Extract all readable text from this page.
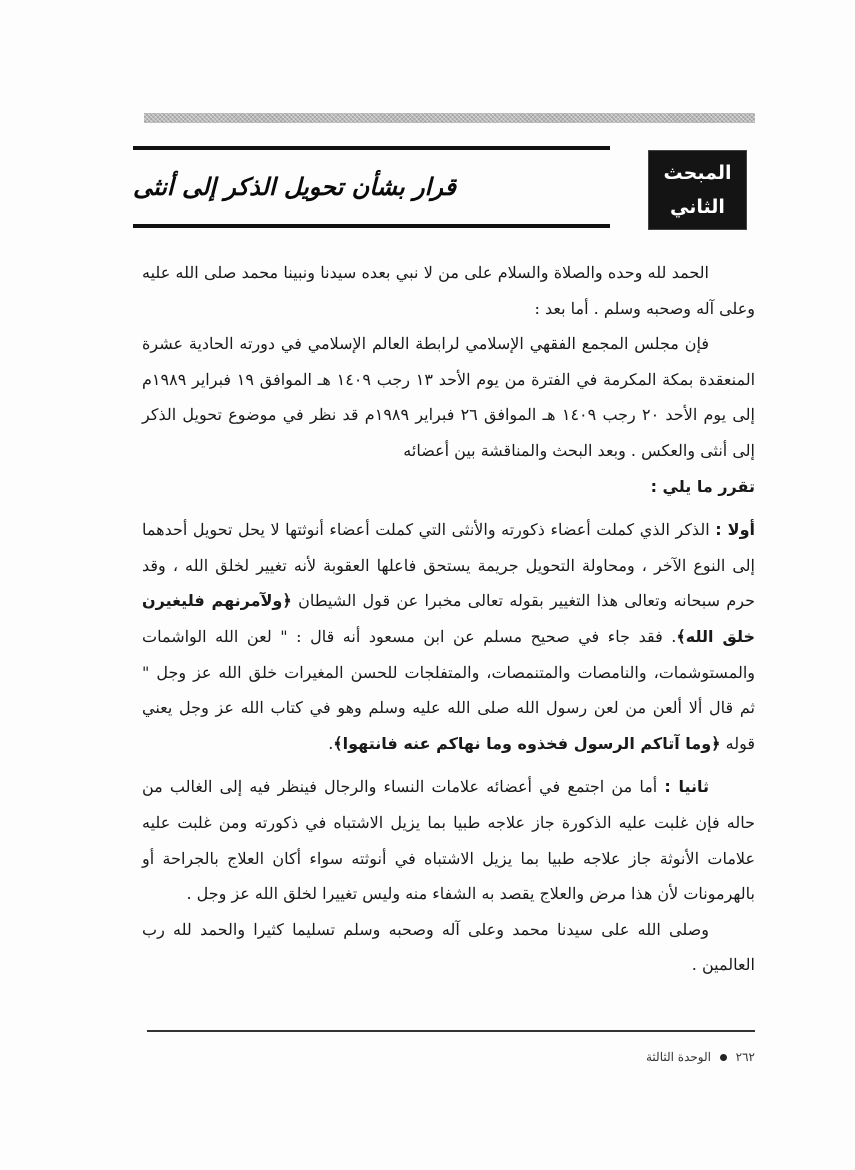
قرار بشأن تحويل الذكر إلى أنثى	المبحث
الثاني

الحمد لله وحده والصلاة والسلام على من لا نبي بعده سيدنا ونبينا محمد صلى الله عليه وعلى آله وصحبه وسلم . أما بعد :

فإن مجلس المجمع الفقهي الإسلامي لرابطة العالم الإسلامي في دورته الحادية عشرة المنعقدة بمكة المكرمة في الفترة من يوم الأحد ١٣ رجب ١٤٠٩ هـ الموافق ١٩ فبراير ١٩٨٩م إلى يوم الأحد ٢٠ رجب ١٤٠٩ هـ الموافق ٢٦ فبراير ١٩٨٩م قد نظر في موضوع تحويل الذكر إلى أنثى والعكس . وبعد البحث والمناقشة بين أعضائه

تقرر ما يلي :

أولا : الذكر الذي كملت أعضاء ذكورته والأنثى التي كملت أعضاء أنوثتها لا يحل تحويل أحدهما إلى النوع الآخر ، ومحاولة التحويل جريمة يستحق فاعلها العقوبة لأنه تغيير لخلق الله ، وقد حرم سبحانه وتعالى هذا التغيير بقوله تعالى مخبرا عن قول الشيطان ﴿ولآمرنهم فليغيرن خلق الله﴾. فقد جاء في صحيح مسلم عن ابن مسعود أنه قال : " لعن الله الواشمات والمستوشمات، والنامصات والمتنمصات، والمتفلجات للحسن المغيرات خلق الله عز وجل " ثم قال ألا ألعن من لعن رسول الله صلى الله عليه وسلم وهو في كتاب الله عز وجل يعني قوله ﴿وما آتاكم الرسول فخذوه وما نهاكم عنه فانتهوا﴾.

ثانيا : أما من اجتمع في أعضائه علامات النساء والرجال فينظر فيه إلى الغالب من حاله فإن غلبت عليه الذكورة جاز علاجه طبيا بما يزيل الاشتباه في ذكورته ومن غلبت عليه علامات الأنوثة جاز علاجه طبيا بما يزيل الاشتباه في أنوثته سواء أكان العلاج بالجراحة أو بالهرمونات لأن هذا مرض والعلاج يقصد به الشفاء منه وليس تغييرا لخلق الله عز وجل .

وصلى الله على سيدنا محمد وعلى آله وصحبه وسلم تسليما كثيرا والحمد لله رب العالمين .

٢٦٢  الوحدة الثالثة
